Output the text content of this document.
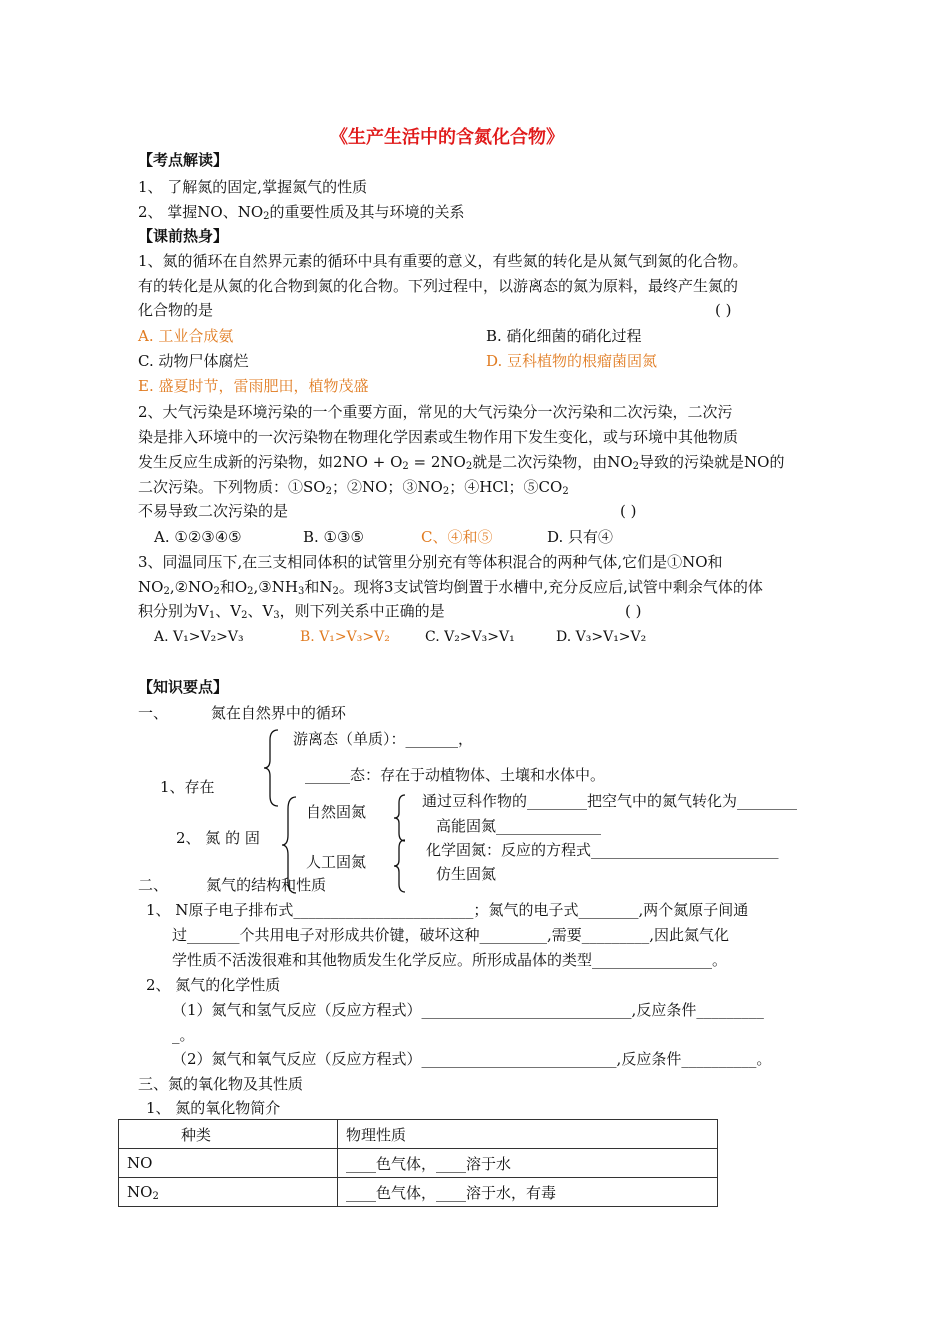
《生产生活中的含氮化合物》
【考点解读】
1、 了解氮的固定,掌握氮气的性质
2、 掌握NO、$NO_2$的重要性质及其与环境的关系
【课前热身】
1、氮的循环在自然界元素的循环中具有重要的意义，有些氮的转化是从氮气到氮的化合物。
有的转化是从氮的化合物到氮的化合物。下列过程中，以游离态的氮为原料，最终产生氮的
化合物的是	( )
A. 工业合成氨	B. 硝化细菌的硝化过程
C. 动物尸体腐烂	D. 豆科植物的根瘤菌固氮
E. 盛夏时节，雷雨肥田，植物茂盛
2、大气污染是环境污染的一个重要方面，常见的大气污染分一次污染和二次污染，二次污
染是排入环境中的一次污染物在物理化学因素或生物作用下发生变化，或与环境中其他物质
发生反应生成新的污染物，如$2NO + O_2 = 2NO_2$就是二次污染物，由$NO_2$导致的污染就是NO的
二次污染。下列物质：$①SO_2$；②NO；$③NO_2$；④HCl；$⑤CO_2$
不易导致二次污染的是	( )
A. ①②③④⑤	B. ①③⑤	C、④和⑤	D. 只有④
3、同温同压下,在三支相同体积的试管里分别充有等体积混合的两种气体,它们是①NO和
$NO_2,②NO_2$和$O_2,③NH_3$和$N_2$。现将3支试管均倒置于水槽中,充分反应后,试管中剩余气体的体
积分别为$V_1$、$V_2$、$V_3$，则下列关系中正确的是	( )
A. V₁>V₂>V₃	B. V₁>V₃>V₂	C. V₂>V₃>V₁	D. V₃>V₁>V₂
【知识要点】
一、         氮在自然界中的循环
1、存在
游离态（单质）：_______，
______态：存在于动植物体、土壤和水体中。
2、 氮 的 固
自然固氮
人工固氮
通过豆科作物的________把空气中的氮气转化为________
高能固氮______________
化学固氮：反应的方程式_________________________
仿生固氮
二、        氮气的结构和性质
1、 N原子电子排布式________________________；氮气的电子式________,两个氮原子间通
过_______个共用电子对形成共价键，破坏这种_________,需要_________,因此氮气化
学性质不活泼很难和其他物质发生化学反应。所形成晶体的类型________________。
2、 氮气的化学性质
（1）氮气和氢气反应（反应方程式）____________________________,反应条件_________
_。
（2）氮气和氧气反应（反应方程式）__________________________,反应条件__________。
三、氮的氧化物及其性质
1、 氮的氧化物简介
种类	物理性质
NO	____色气体，____溶于水
$NO_2$	____色气体，____溶于水，有毒
